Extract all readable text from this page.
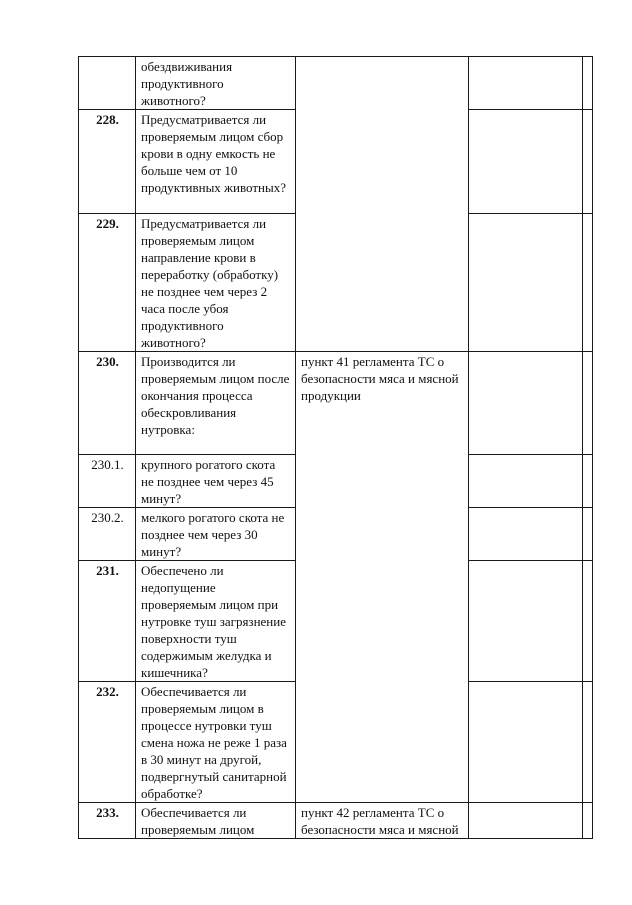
	обездвиживания продуктивного животного?			
228.	Предусматривается ли проверяемым лицом сбор крови в одну емкость не больше чем от 10 продуктивных животных?			
229.	Предусматривается ли проверяемым лицом направление крови в переработку (обработку) не позднее чем через 2 часа после убоя продуктивного животного?			
230.	Производится ли проверяемым лицом после окончания процесса обескровливания нутровка:	пункт 41 регламента ТС о безопасности мяса и мясной продукции		
230.1.	крупного рогатого скота не позднее чем через 45 минут?			
230.2.	мелкого рогатого скота не позднее чем через 30 минут?			
231.	Обеспечено ли недопущение проверяемым лицом при нутровке туш загрязнение поверхности туш содержимым желудка и кишечника?			
232.	Обеспечивается ли проверяемым лицом в процессе нутровки туш смена ножа не реже 1 раза в 30 минут на другой, подвергнутый санитарной обработке?			
233.	Обеспечивается ли проверяемым лицом	пункт 42 регламента ТС о безопасности мяса и мясной		
